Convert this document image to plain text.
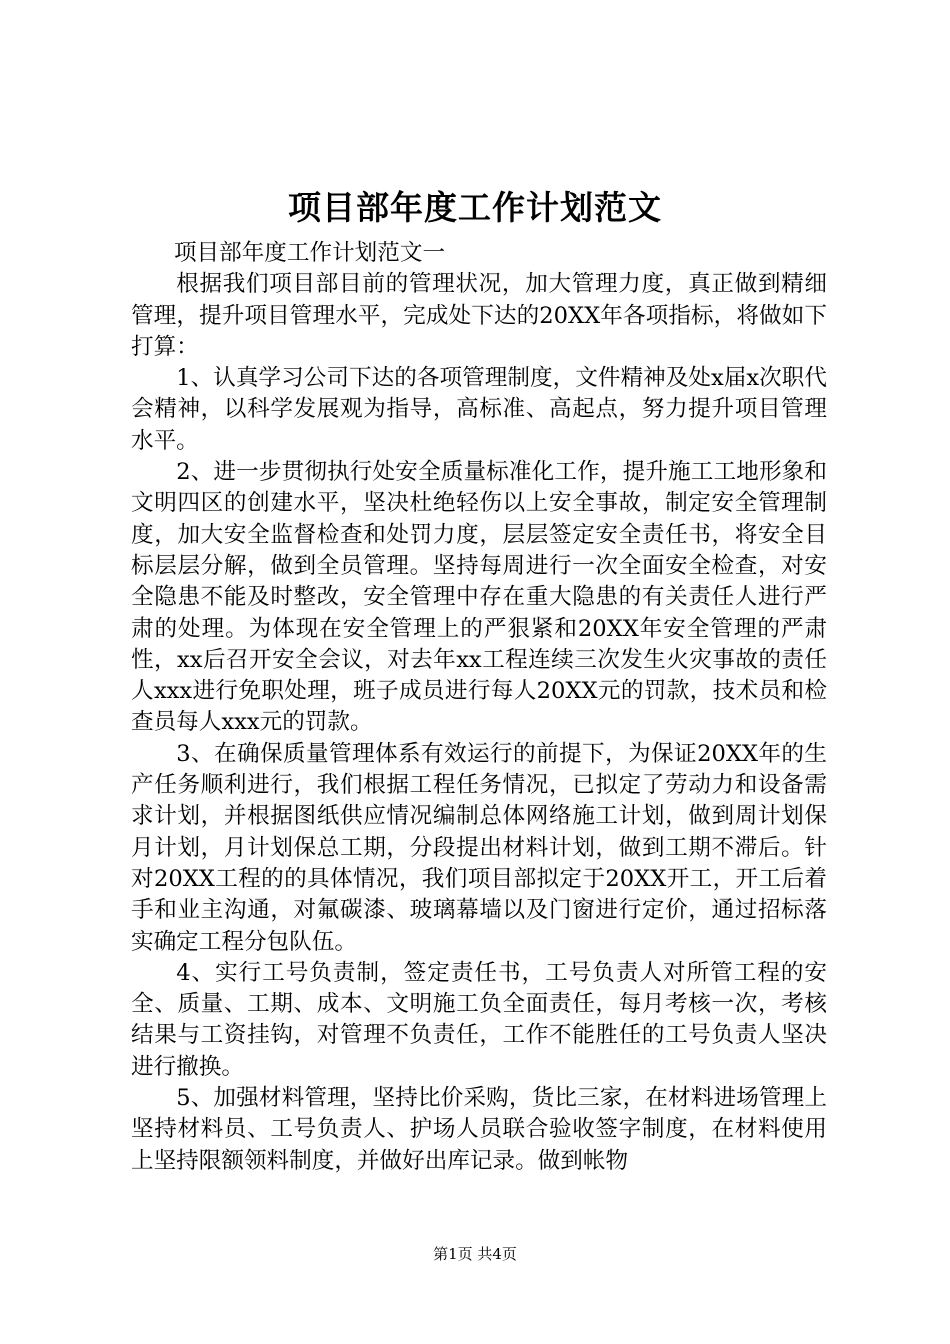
项目部年度工作计划范文

项目部年度工作计划范文一

根据我们项目部目前的管理状况，加大管理力度，真正做到精细管理，提升项目管理水平，完成处下达的20XX年各项指标，将做如下打算：

1、认真学习公司下达的各项管理制度，文件精神及处x届x次职代会精神，以科学发展观为指导，高标准、高起点，努力提升项目管理水平。

2、进一步贯彻执行处安全质量标准化工作，提升施工工地形象和文明四区的创建水平，坚决杜绝轻伤以上安全事故，制定安全管理制度，加大安全监督检查和处罚力度，层层签定安全责任书，将安全目标层层分解，做到全员管理。坚持每周进行一次全面安全检查，对安全隐患不能及时整改，安全管理中存在重大隐患的有关责任人进行严肃的处理。为体现在安全管理上的严狠紧和20XX年安全管理的严肃性，xx后召开安全会议，对去年xx工程连续三次发生火灾事故的责任人xxx进行免职处理，班子成员进行每人20XX元的罚款，技术员和检查员每人xxx元的罚款。

3、在确保质量管理体系有效运行的前提下，为保证20XX年的生产任务顺利进行，我们根据工程任务情况，已拟定了劳动力和设备需求计划，并根据图纸供应情况编制总体网络施工计划，做到周计划保月计划，月计划保总工期，分段提出材料计划，做到工期不滞后。针对20XX工程的的具体情况，我们项目部拟定于20XX开工，开工后着手和业主沟通，对氟碳漆、玻璃幕墙以及门窗进行定价，通过招标落实确定工程分包队伍。

4、实行工号负责制，签定责任书，工号负责人对所管工程的安全、质量、工期、成本、文明施工负全面责任，每月考核一次，考核结果与工资挂钩，对管理不负责任，工作不能胜任的工号负责人坚决进行撤换。

5、加强材料管理，坚持比价采购，货比三家，在材料进场管理上坚持材料员、工号负责人、护场人员联合验收签字制度，在材料使用上坚持限额领料制度，并做好出库记录。做到帐物

第1页 共4页
